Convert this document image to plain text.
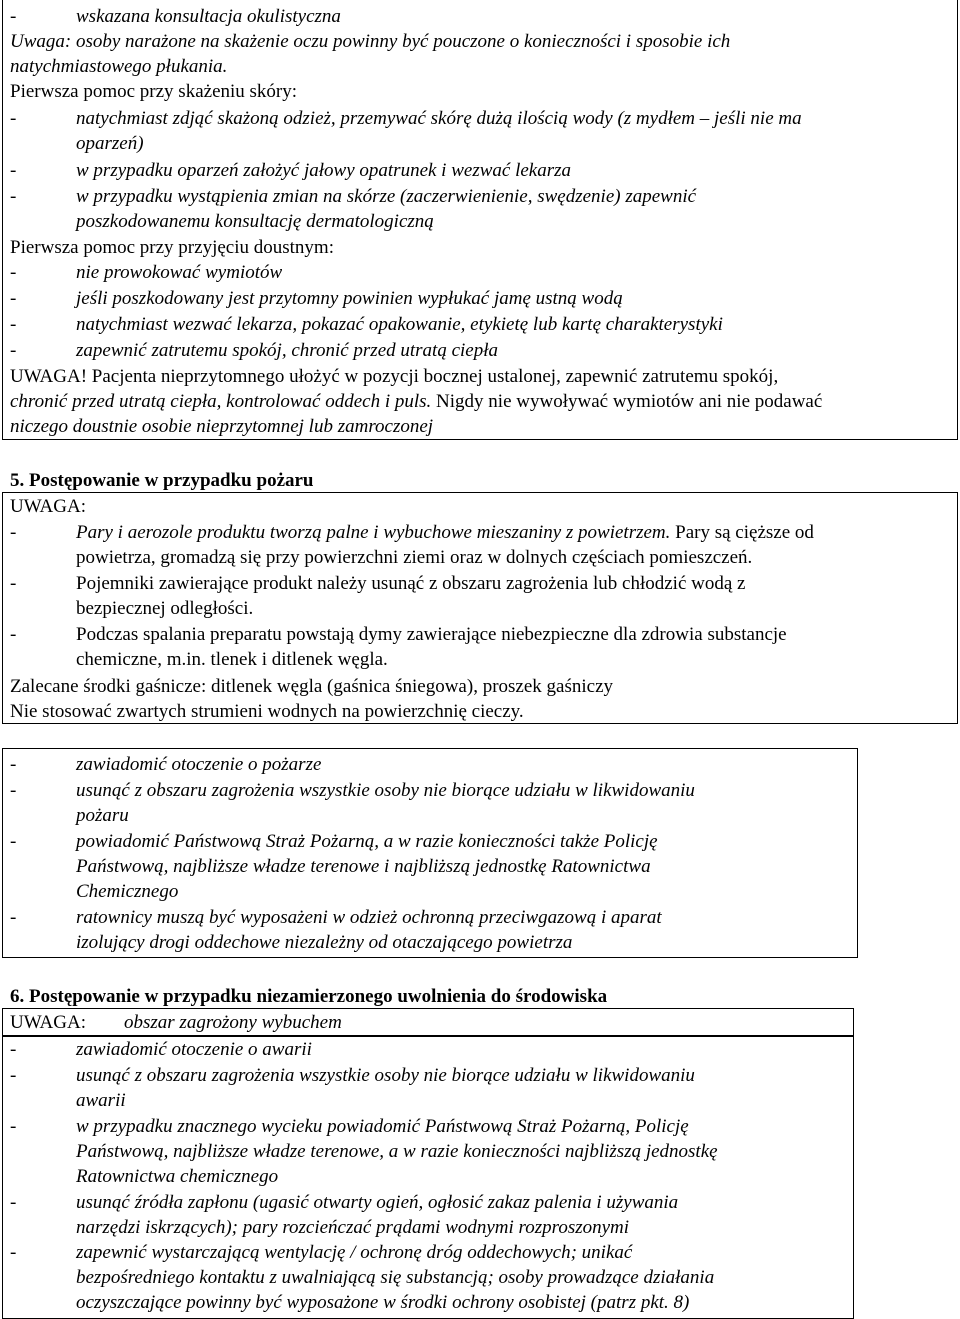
-	wskazana konsultacja okulistyczna
Uwaga: osoby narażone na skażenie oczu powinny być pouczone o konieczności i sposobie ich
natychmiastowego płukania.
Pierwsza pomoc przy skażeniu skóry:
-	natychmiast zdjąć skażoną odzież, przemywać skórę dużą ilością wody (z mydłem – jeśli nie ma
oparzeń)
-	w przypadku oparzeń założyć jałowy opatrunek i wezwać lekarza
-	w przypadku wystąpienia zmian na skórze (zaczerwienienie, swędzenie) zapewnić
poszkodowanemu konsultację dermatologiczną
Pierwsza pomoc przy przyjęciu doustnym:
-	nie prowokować wymiotów
-	jeśli poszkodowany jest przytomny powinien wypłukać jamę ustną wodą
-	natychmiast wezwać lekarza, pokazać opakowanie, etykietę lub kartę charakterystyki
-	zapewnić zatrutemu spokój, chronić przed utratą ciepła
UWAGA! Pacjenta nieprzytomnego ułożyć w pozycji bocznej ustalonej, zapewnić zatrutemu spokój,
chronić przed utratą ciepła, kontrolować oddech i puls. Nigdy nie wywoływać wymiotów ani nie podawać
niczego doustnie osobie nieprzytomnej lub zamroczonej
5. Postępowanie w przypadku pożaru
UWAGA:
-	Pary i aerozole produktu tworzą palne i wybuchowe mieszaniny z powietrzem. Pary są cięższe od
powietrza, gromadzą się przy powierzchni ziemi oraz w dolnych częściach pomieszczeń.
-	Pojemniki zawierające produkt należy usunąć z obszaru zagrożenia lub chłodzić wodą z
bezpiecznej odległości.
-	Podczas spalania preparatu powstają dymy zawierające niebezpieczne dla zdrowia substancje
chemiczne, m.in. tlenek i ditlenek węgla.
Zalecane środki gaśnicze: ditlenek węgla (gaśnica śniegowa), proszek gaśniczy
Nie stosować zwartych strumieni wodnych na powierzchnię cieczy.
-	zawiadomić otoczenie o pożarze
-	usunąć z obszaru zagrożenia wszystkie osoby nie biorące udziału w likwidowaniu
pożaru
-	powiadomić Państwową Straż Pożarną, a w razie konieczności także Policję
Państwową, najbliższe władze terenowe i najbliższą jednostkę Ratownictwa
Chemicznego
-	ratownicy muszą być wyposażeni w odzież ochronną przeciwgazową i aparat
izolujący drogi oddechowe niezależny od otaczającego powietrza
6. Postępowanie w przypadku niezamierzonego uwolnienia do środowiska
UWAGA: obszar zagrożony wybuchem
-	zawiadomić otoczenie o awarii
-	usunąć z obszaru zagrożenia wszystkie osoby nie biorące udziału w likwidowaniu
awarii
-	w przypadku znacznego wycieku powiadomić Państwową Straż Pożarną, Policję
Państwową, najbliższe władze terenowe, a w razie konieczności najbliższą jednostkę
Ratownictwa chemicznego
-	usunąć źródła zapłonu (ugasić otwarty ogień, ogłosić zakaz palenia i używania
narzędzi iskrzących); pary rozcieńczać prądami wodnymi rozproszonymi
-	zapewnić wystarczającą wentylację / ochronę dróg oddechowych; unikać
bezpośredniego kontaktu z uwalniającą się substancją; osoby prowadzące działania
oczyszczające powinny być wyposażone w środki ochrony osobistej (patrz pkt. 8)
